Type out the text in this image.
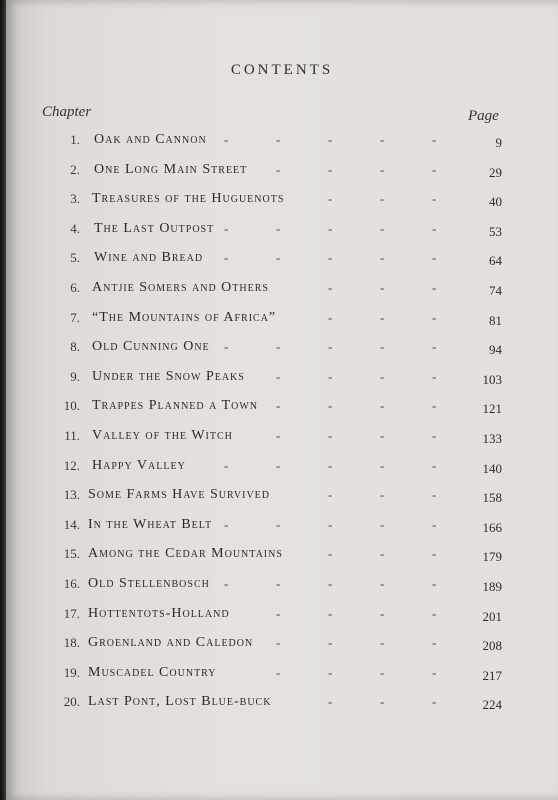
CONTENTS
Chapter	Page
1. Oak and Cannon -	-	-	-	-	9
2. One Long Main Street -	-	-	-	29
3. Treasures of the Huguenots	-	-	-	40
4. The Last Outpost -	-	-	-	-	53
5. Wine and Bread -	-	-	-	-	64
6. Antjie Somers and Others	-	-	-	74
7. “The Mountains of Africa”	-	-	-	81
8. Old Cunning One -	-	-	-	-	94
9. Under the Snow Peaks -	-	-	-	103
10. Trappes Planned a Town -	-	-	-	121
11. Valley of the Witch	-	-	-	-	133
12. Happy Valley	-	-	-	-	-	140
13. Some Farms Have Survived	-	-	-	158
14. In the Wheat Belt -	-	-	-	-	166
15. Among the Cedar Mountains	-	-	-	179
16. Old Stellenbosch -	-	-	-	-	189
17. Hottentots-Holland	-	-	-	-	201
18. Groenland and Caledon -	-	-	-	208
19. Muscadel Country	-	-	-	-	217
20. Last Pont, Lost Blue-buck	-	-	-	224
